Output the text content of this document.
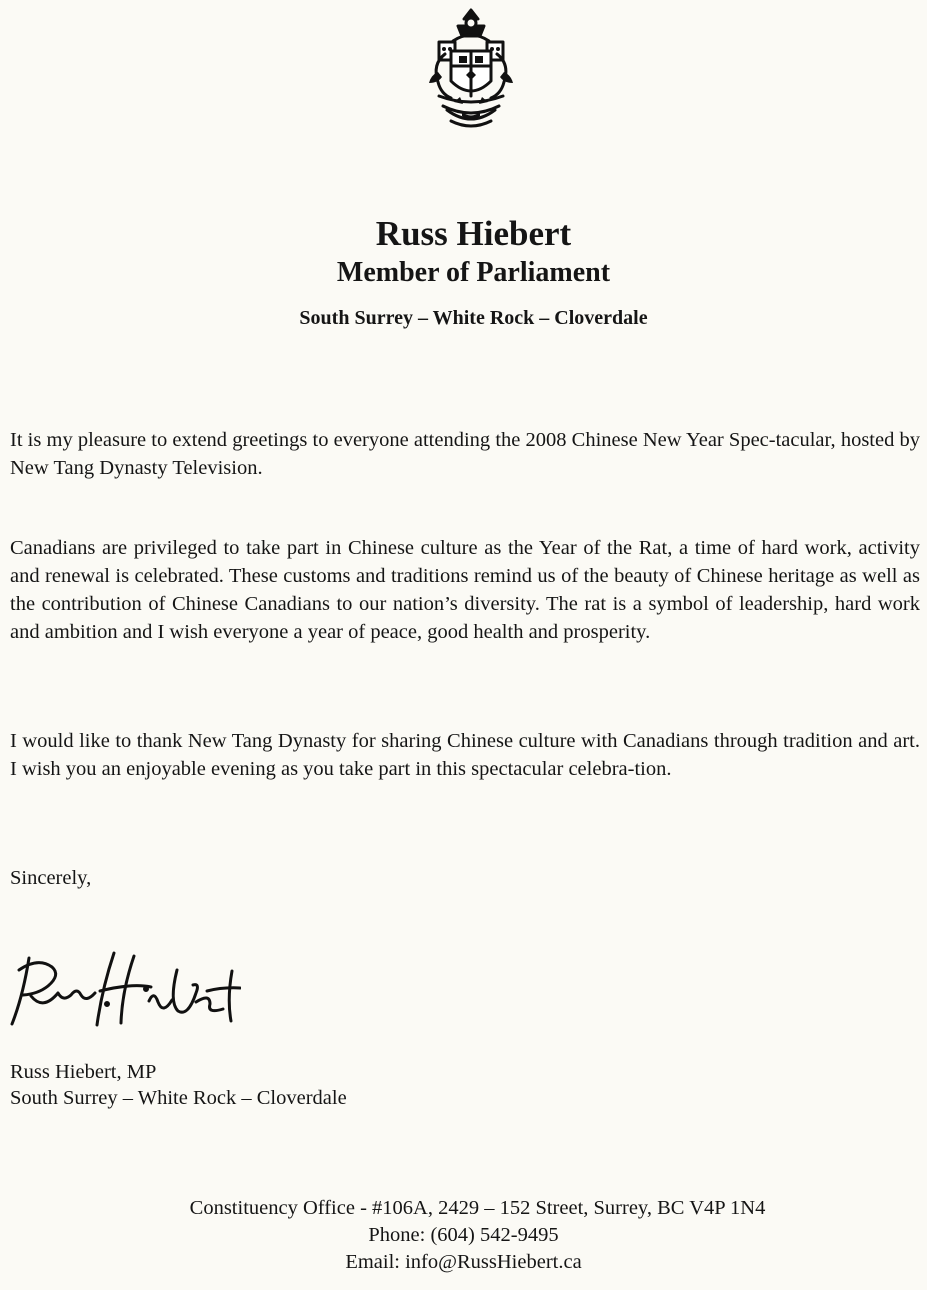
Russ Hiebert
Member of Parliament
South Surrey – White Rock – Cloverdale

It is my pleasure to extend greetings to everyone attending the 2008 Chinese New Year Spec-tacular, hosted by New Tang Dynasty Television.

Canadians are privileged to take part in Chinese culture as the Year of the Rat, a time of hard work, activity and renewal is celebrated. These customs and traditions remind us of the beauty of Chinese heritage as well as the contribution of Chinese Canadians to our nation’s diversity. The rat is a symbol of leadership, hard work and ambition and I wish everyone a year of peace, good health and prosperity.

I would like to thank New Tang Dynasty for sharing Chinese culture with Canadians through tradition and art. I wish you an enjoyable evening as you take part in this spectacular celebra-tion.

Sincerely,
Russ Hiebert, MP
South Surrey – White Rock – Cloverdale
Constituency Office - #106A, 2429 – 152 Street, Surrey, BC V4P 1N4
Phone: (604) 542-9495
Email: info@RussHiebert.ca
